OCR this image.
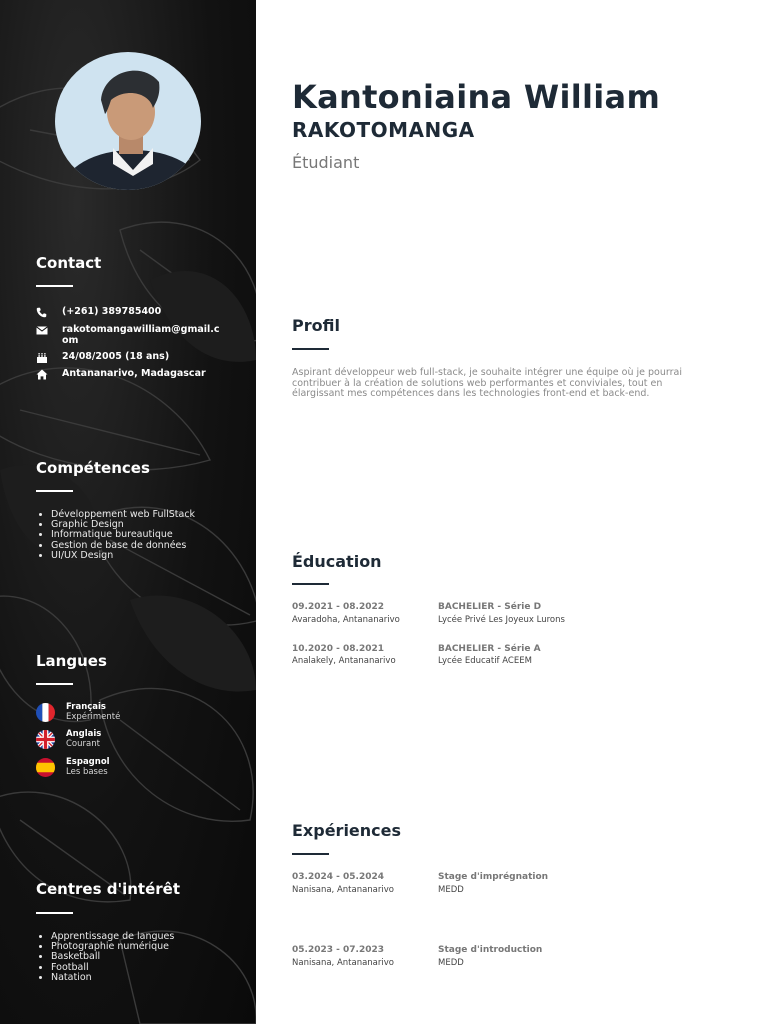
Contact
(+261) 389785400
rakotomangawilliam@gmail.com
24/08/2005 (18 ans)
Antananarivo, Madagascar
Compétences
• Développement web FullStack
• Graphic Design
• Informatique bureautique
• Gestion de base de données
• UI/UX Design
Langues
Français
Expérimenté
Anglais
Courant
Espagnol
Les bases
Centres d'intérêt
• Apprentissage de langues
• Photographie numérique
• Basketball
• Football
• Natation
Kantoniaina William
RAKOTOMANGA
Étudiant
Profil

Aspirant développeur web full-stack, je souhaite intégrer une équipe où je pourrai contribuer à la création de solutions web performantes et conviviales, tout en élargissant mes compétences dans les technologies front-end et back-end.

Éducation
09.2021 - 08.2022
Avaradoha, Antananarivo
BACHELIER - Série D
Lycée Privé Les Joyeux Lurons
10.2020 - 08.2021
Analakely, Antananarivo
BACHELIER - Série A
Lycée Educatif ACEEM
Expériences
03.2024 - 05.2024
Nanisana, Antananarivo
Stage d'imprégnation
MEDD
05.2023 - 07.2023
Nanisana, Antananarivo
Stage d'introduction
MEDD
